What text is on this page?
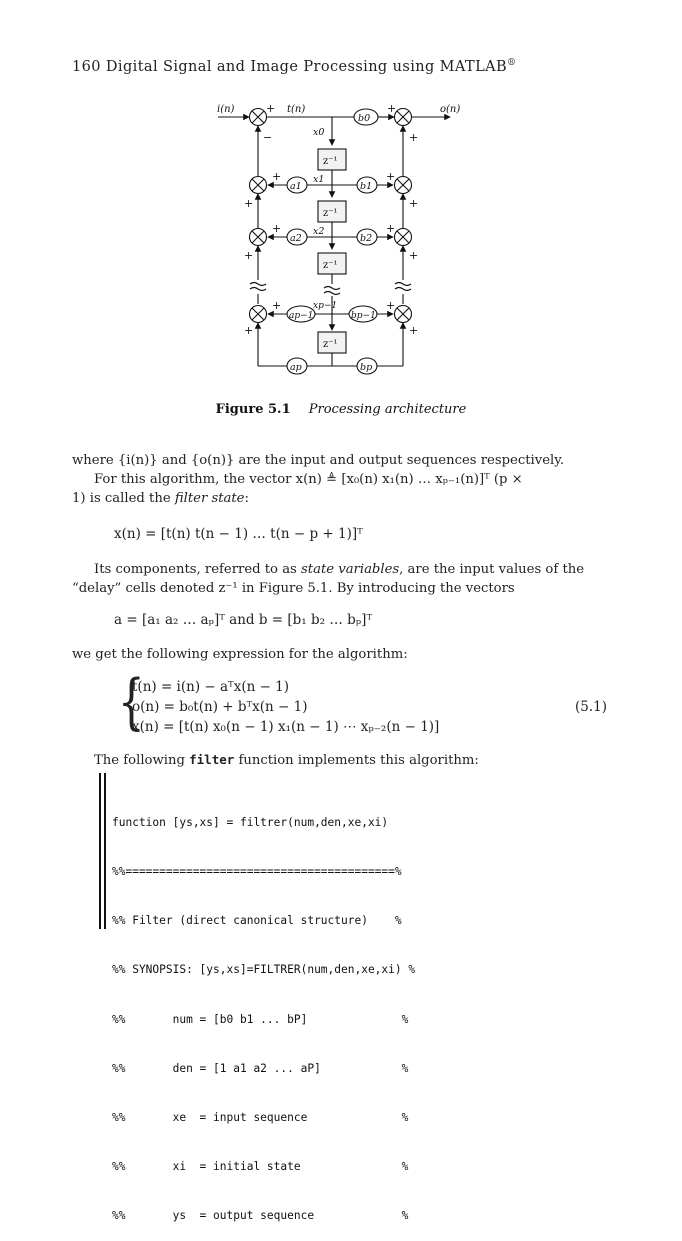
160 Digital Signal and Image Processing using MATLAB®
i(n)	t(n)	o(n)
x0
x1
x2
xp−1
z⁻¹
z⁻¹
z⁻¹
z⁻¹
b0
a1	b1
a2	b2
ap−1	bp−1
ap	bp
+
−
+
+
+
+
+
+
+
+
+
+
+
+
+
+
Figure 5.1 Processing architecture
where {i(n)} and {o(n)} are the input and output sequences respectively.
For this algorithm, the vector x(n) ≜ [x₀(n) x₁(n) … xₚ₋₁(n)]ᵀ (p ×
1) is called the filter state:
x(n) = [t(n) t(n − 1) … t(n − p + 1)]ᵀ
Its components, referred to as state variables, are the input values of the
“delay” cells denoted z⁻¹ in Figure 5.1. By introducing the vectors
a = [a₁ a₂ … aₚ]ᵀ and b = [b₁ b₂ … bₚ]ᵀ
we get the following expression for the algorithm:
{
t(n) = i(n) − aᵀx(n − 1)
o(n) = b₀t(n) + bᵀx(n − 1)
x(n) = [t(n) x₀(n − 1) x₁(n − 1) ⋯ xₚ₋₂(n − 1)]
(5.1)
The following filter function implements this algorithm:

function [ys,xs] = filtrer(num,den,xe,xi)

%%========================================%

%% Filter (direct canonical structure)    %

%% SYNOPSIS: [ys,xs]=FILTRER(num,den,xe,xi) %

%%       num = [b0 b1 ... bP]              %

%%       den = [1 a1 a2 ... aP]            %

%%       xe  = input sequence              %

%%       xi  = initial state               %

%%       ys  = output sequence             %
